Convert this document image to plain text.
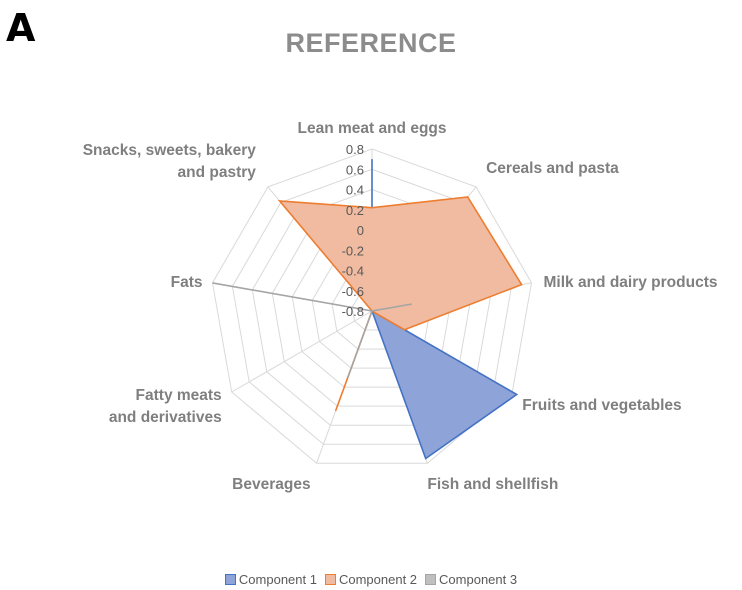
A	REFERENCE
0.8
0.6
0.4
0.2
0
-0.2
-0.4
-0.6
-0.8
Lean meat and eggs
Cereals and pasta
Milk and dairy products
Fruits and vegetables
Fish and shellfish
Beverages
Fatty meats and derivatives
Fats
Snacks, sweets, bakery and pastry
Component 1 Component 2 Component 3
